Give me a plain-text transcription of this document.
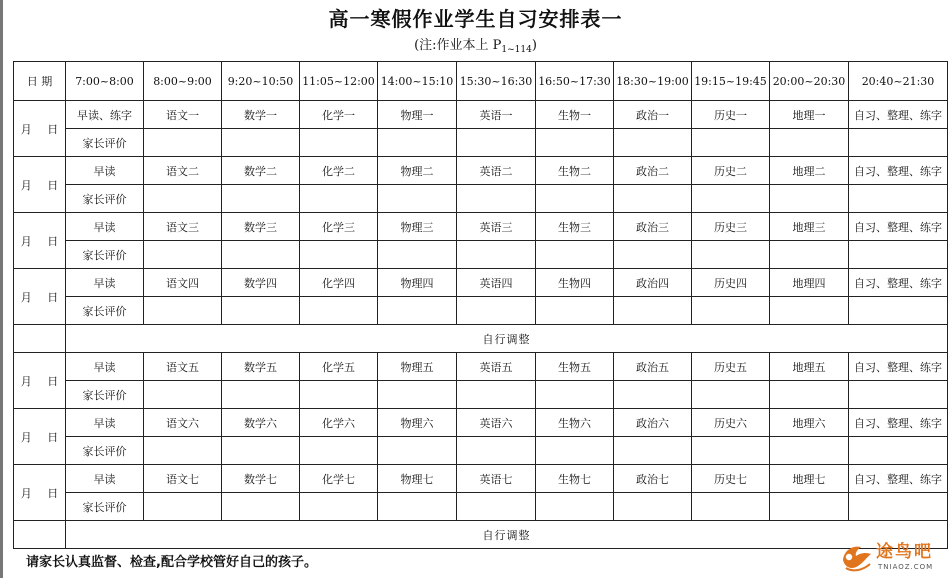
高一寒假作业学生自习安排表一
(注:作业本上 $P_{1\sim 114}$)
日 期	7:00~8:00	8:00~9:00	9:20~10:50	11:05~12:00	14:00~15:10	15:30~16:30	16:50~17:30	18:30~19:00	19:15~19:45	20:00~20:30	20:40~21:30
月 日	早读、练字	语文一	数学一	化学一	物理一	英语一	生物一	政治一	历史一	地理一	自习、整理、练字
	家长评价										
月 日	早读	语文二	数学二	化学二	物理二	英语二	生物二	政治二	历史二	地理二	自习、整理、练字
	家长评价										
月 日	早读	语文三	数学三	化学三	物理三	英语三	生物三	政治三	历史三	地理三	自习、整理、练字
	家长评价										
月 日	早读	语文四	数学四	化学四	物理四	英语四	生物四	政治四	历史四	地理四	自习、整理、练字
	家长评价										
	自行调整										
月 日	早读	语文五	数学五	化学五	物理五	英语五	生物五	政治五	历史五	地理五	自习、整理、练字
	家长评价										
月 日	早读	语文六	数学六	化学六	物理六	英语六	生物六	政治六	历史六	地理六	自习、整理、练字
	家长评价										
月 日	早读	语文七	数学七	化学七	物理七	英语七	生物七	政治七	历史七	地理七	自习、整理、练字
	家长评价										
	自行调整										
请家长认真监督、检查,配合学校管好自己的孩子。
途鸟吧
TNIAOZ.COM
